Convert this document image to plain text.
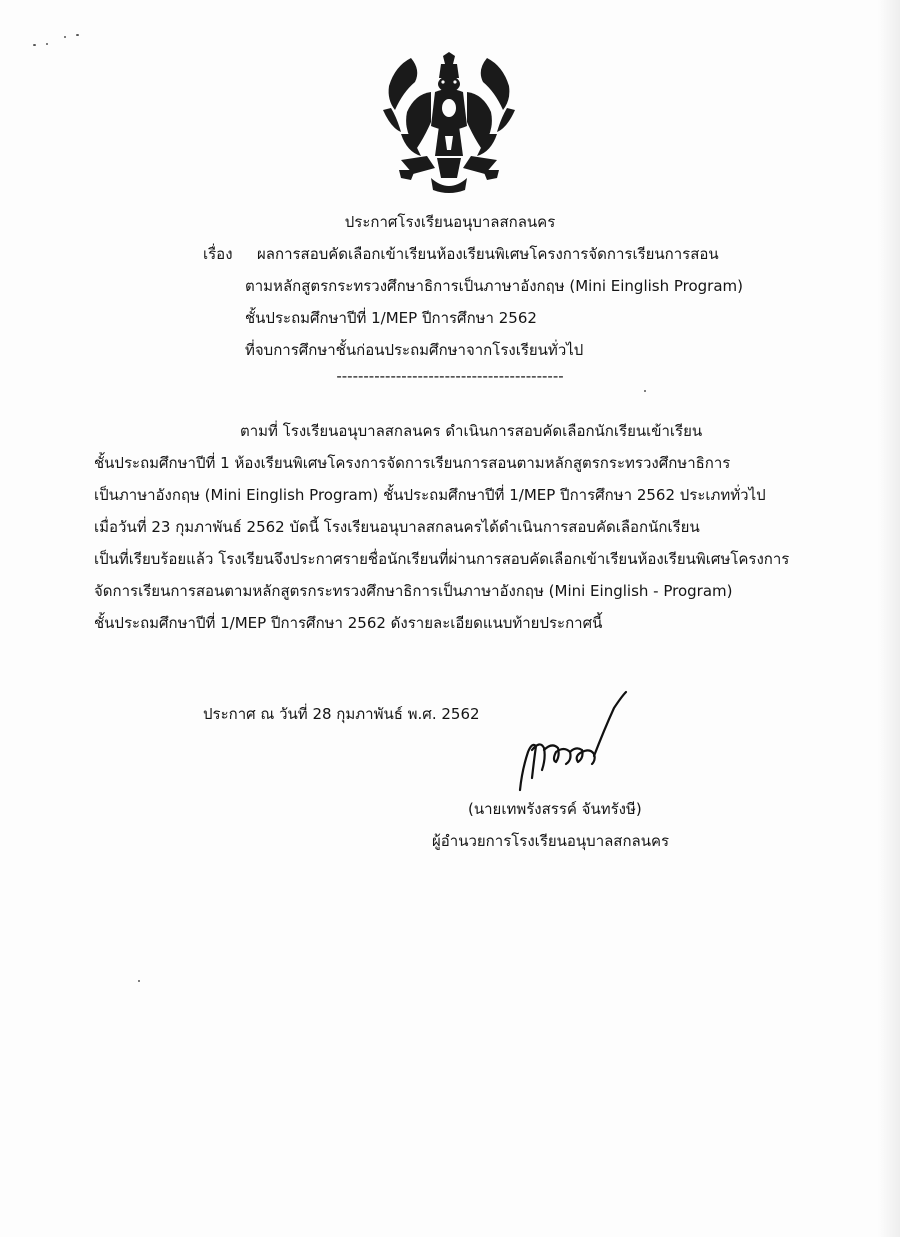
ประกาศโรงเรียนอนุบาลสกลนคร
เรื่อง ผลการสอบคัดเลือกเข้าเรียนห้องเรียนพิเศษโครงการจัดการเรียนการสอน
ตามหลักสูตรกระทรวงศึกษาธิการเป็นภาษาอังกฤษ (Mini Einglish Program)
ชั้นประถมศึกษาปีที่ 1/MEP ปีการศึกษา 2562
ที่จบการศึกษาชั้นก่อนประถมศึกษาจากโรงเรียนทั่วไป
------------------------------------------
ตามที่ โรงเรียนอนุบาลสกลนคร ดำเนินการสอบคัดเลือกนักเรียนเข้าเรียน
ชั้นประถมศึกษาปีที่ 1 ห้องเรียนพิเศษโครงการจัดการเรียนการสอนตามหลักสูตรกระทรวงศึกษาธิการ
เป็นภาษาอังกฤษ (Mini Einglish Program) ชั้นประถมศึกษาปีที่ 1/MEP ปีการศึกษา 2562 ประเภททั่วไป
เมื่อวันที่ 23 กุมภาพันธ์ 2562 บัดนี้ โรงเรียนอนุบาลสกลนครได้ดำเนินการสอบคัดเลือกนักเรียน
เป็นที่เรียบร้อยแล้ว โรงเรียนจึงประกาศรายชื่อนักเรียนที่ผ่านการสอบคัดเลือกเข้าเรียนห้องเรียนพิเศษโครงการ
จัดการเรียนการสอนตามหลักสูตรกระทรวงศึกษาธิการเป็นภาษาอังกฤษ (Mini Einglish - Program)
ชั้นประถมศึกษาปีที่ 1/MEP ปีการศึกษา 2562 ดังรายละเอียดแนบท้ายประกาศนี้
ประกาศ ณ วันที่ 28 กุมภาพันธ์ พ.ศ. 2562
(นายเทพรังสรรค์ จันทรังษี)
ผู้อำนวยการโรงเรียนอนุบาลสกลนคร
